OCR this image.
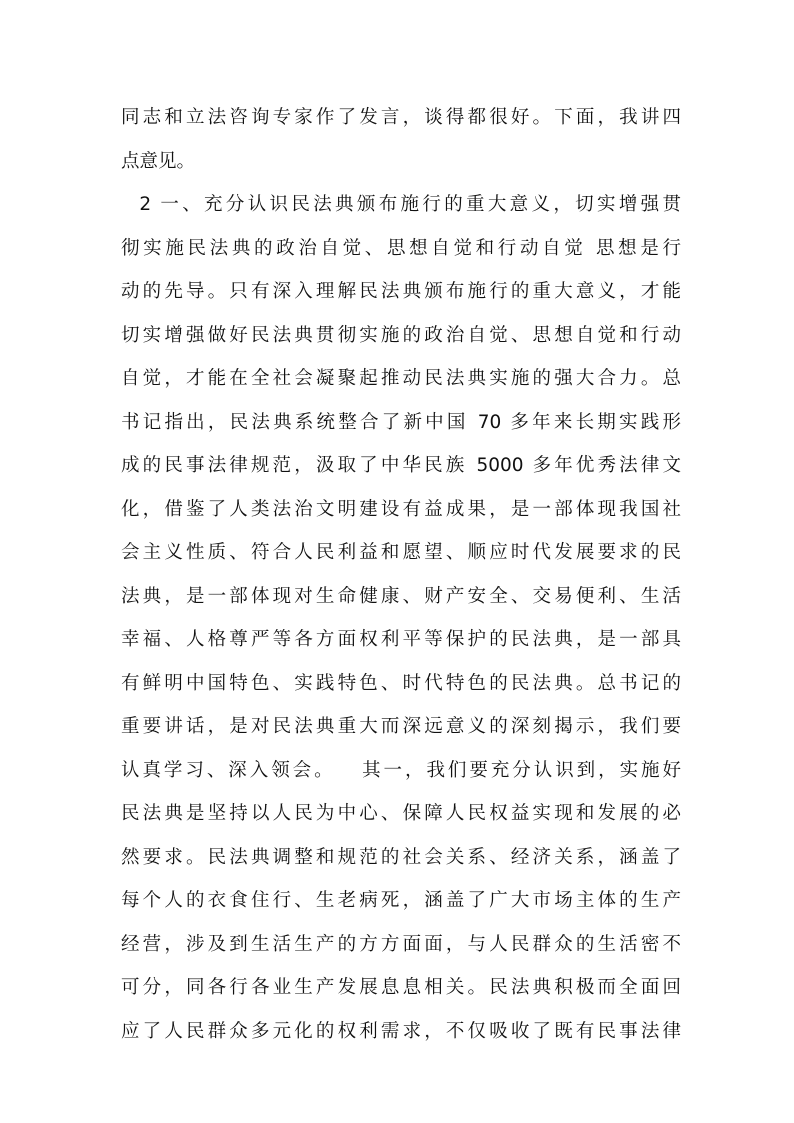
同志和立法咨询专家作了发言，谈得都很好。下面，我讲四
点意见。
2 一、充分认识民法典颁布施行的重大意义，切实增强贯
彻实施民法典的政治自觉、思想自觉和行动自觉 思想是行
动的先导。只有深入理解民法典颁布施行的重大意义，才能
切实增强做好民法典贯彻实施的政治自觉、思想自觉和行动
自觉，才能在全社会凝聚起推动民法典实施的强大合力。总
书记指出，民法典系统整合了新中国 70 多年来长期实践形
成的民事法律规范，汲取了中华民族 5000 多年优秀法律文
化，借鉴了人类法治文明建设有益成果，是一部体现我国社
会主义性质、符合人民利益和愿望、顺应时代发展要求的民
法典，是一部体现对生命健康、财产安全、交易便利、生活
幸福、人格尊严等各方面权利平等保护的民法典，是一部具
有鲜明中国特色、实践特色、时代特色的民法典。总书记的
重要讲话，是对民法典重大而深远意义的深刻揭示，我们要
认真学习、深入领会。   其一，我们要充分认识到，实施好
民法典是坚持以人民为中心、保障人民权益实现和发展的必
然要求。民法典调整和规范的社会关系、经济关系，涵盖了
每个人的衣食住行、生老病死，涵盖了广大市场主体的生产
经营，涉及到生活生产的方方面面，与人民群众的生活密不
可分，同各行各业生产发展息息相关。民法典积极而全面回
应了人民群众多元化的权利需求，不仅吸收了既有民事法律
